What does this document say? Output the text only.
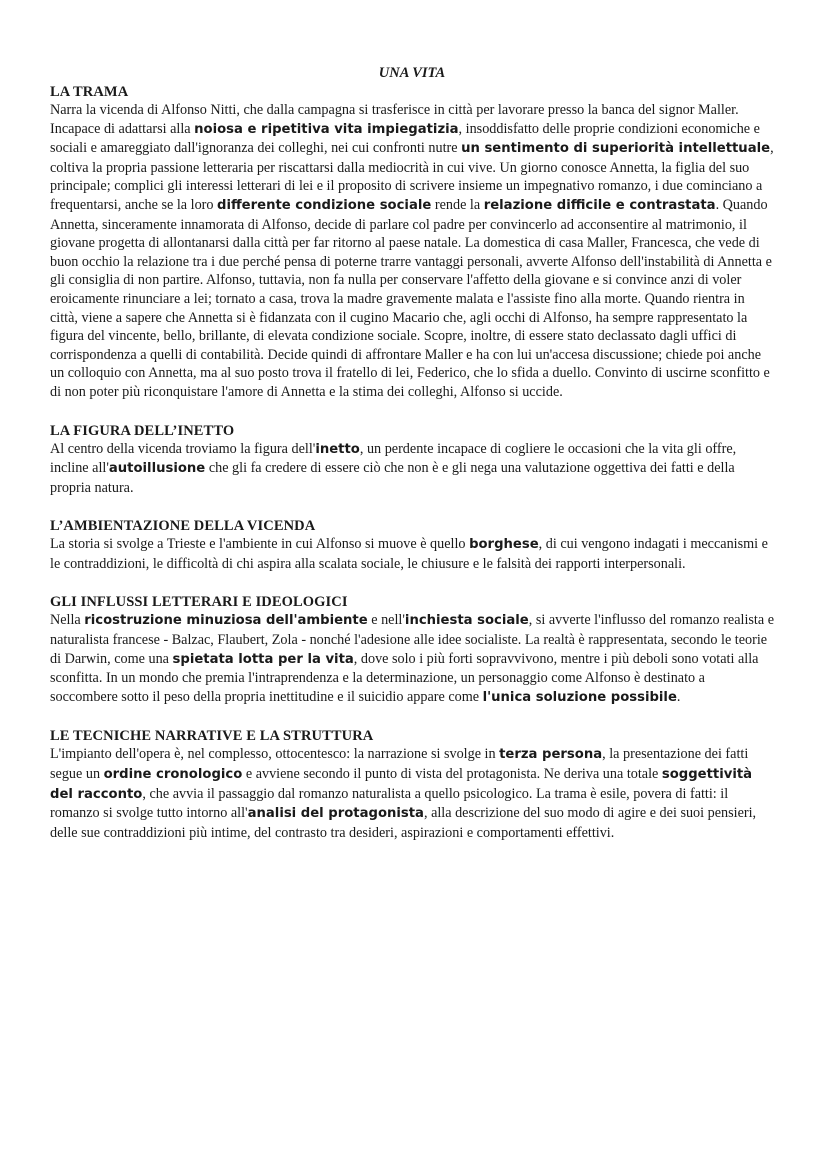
UNA VITA

LA TRAMA

Narra la vicenda di Alfonso Nitti, che dalla campagna si trasferisce in città per lavorare presso la banca del signor Maller. Incapace di adattarsi alla noiosa e ripetitiva vita impiegatizia, insoddisfatto delle proprie condizioni economiche e sociali e amareggiato dall'ignoranza dei colleghi, nei cui confronti nutre un sentimento di superiorità intellettuale, coltiva la propria passione letteraria per riscattarsi dalla mediocrità in cui vive. Un giorno conosce Annetta, la figlia del suo principale; complici gli interessi letterari di lei e il proposito di scrivere insieme un impegnativo romanzo, i due cominciano a frequentarsi, anche se la loro differente condizione sociale rende la relazione difficile e contrastata. Quando Annetta, sinceramente innamorata di Alfonso, decide di parlare col padre per convincerlo ad acconsentire al matrimonio, il giovane progetta di allontanarsi dalla città per far ritorno al paese natale. La domestica di casa Maller, Francesca, che vede di buon occhio la relazione tra i due perché pensa di poterne trarre vantaggi personali, avverte Alfonso dell'instabilità di Annetta e gli consiglia di non partire. Alfonso, tuttavia, non fa nulla per conservare l'affetto della giovane e si convince anzi di voler eroicamente rinunciare a lei; tornato a casa, trova la madre gravemente malata e l'assiste fino alla morte. Quando rientra in città, viene a sapere che Annetta si è fidanzata con il cugino Macario che, agli occhi di Alfonso, ha sempre rappresentato la figura del vincente, bello, brillante, di elevata condizione sociale. Scopre, inoltre, di essere stato declassato dagli uffici di corrispondenza a quelli di contabilità. Decide quindi di affrontare Maller e ha con lui un'accesa discussione; chiede poi anche un colloquio con Annetta, ma al suo posto trova il fratello di lei, Federico, che lo sfida a duello. Convinto di uscirne sconfitto e di non poter più riconquistare l'amore di Annetta e la stima dei colleghi, Alfonso si uccide.

LA FIGURA DELL’INETTO

Al centro della vicenda troviamo la figura dell'inetto, un perdente incapace di cogliere le occasioni che la vita gli offre, incline all'autoillusione che gli fa credere di essere ciò che non è e gli nega una valutazione oggettiva dei fatti e della propria natura.

L’AMBIENTAZIONE DELLA VICENDA

La storia si svolge a Trieste e l'ambiente in cui Alfonso si muove è quello borghese, di cui vengono indagati i meccanismi e le contraddizioni, le difficoltà di chi aspira alla scalata sociale, le chiusure e le falsità dei rapporti interpersonali.

GLI INFLUSSI LETTERARI E IDEOLOGICI

Nella ricostruzione minuziosa dell'ambiente e nell'inchiesta sociale, si avverte l'influsso del romanzo realista e naturalista francese - Balzac, Flaubert, Zola - nonché l'adesione alle idee socialiste. La realtà è rappresentata, secondo le teorie di Darwin, come una spietata lotta per la vita, dove solo i più forti sopravvivono, mentre i più deboli sono votati alla sconfitta. In un mondo che premia l'intraprendenza e la determinazione, un personaggio come Alfonso è destinato a soccombere sotto il peso della propria inettitudine e il suicidio appare come l'unica soluzione possibile.

LE TECNICHE NARRATIVE E LA STRUTTURA

L'impianto dell'opera è, nel complesso, ottocentesco: la narrazione si svolge in terza persona, la presentazione dei fatti segue un ordine cronologico e avviene secondo il punto di vista del protagonista. Ne deriva una totale soggettività del racconto, che avvia il passaggio dal romanzo naturalista a quello psicologico. La trama è esile, povera di fatti: il romanzo si svolge tutto intorno all'analisi del protagonista, alla descrizione del suo modo di agire e dei suoi pensieri, delle sue contraddizioni più intime, del contrasto tra desideri, aspirazioni e comportamenti effettivi.
